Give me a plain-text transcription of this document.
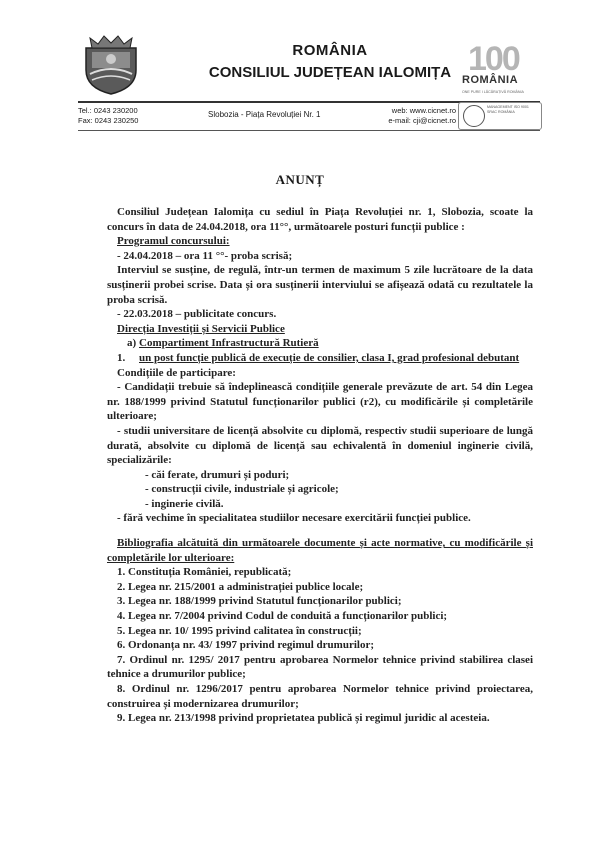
ROMÂNIA
CONSILIUL JUDEȚEAN IALOMIȚA 100
ROMÂNIA
ONE PURE I LĂCĂRAȚIVĂ ROMÂNIA
Tel.: 0243 230200
Fax: 0243 230250
Slobozia - Piața Revoluției Nr. 1	web: www.cicnet.ro
e-mail: cji@cicnet.ro
MANAGEMENT ISO 9001 SRAC ROMÂNIA
ANUNȚ

Consiliul Județean Ialomița cu sediul în Piața Revoluției nr. 1, Slobozia, scoate la concurs în data de 24.04.2018, ora 11°°, următoarele posturi funcții publice :

Programul concursului:

- 24.04.2018 – ora 11 °°- proba scrisă;

Interviul se susține, de regulă, într-un termen de maximum 5 zile lucrătoare de la data susținerii probei scrise. Data și ora susținerii interviului se afișează odată cu rezultatele la proba scrisă.

- 22.03.2018 – publicitate concurs.

Direcția Investiții și Servicii Publice

a) Compartiment Infrastructură Rutieră

1.	un post funcție publică de execuție de consilier, clasa I, grad profesional debutant

Condițiile de participare:

- Candidații trebuie să îndeplinească condițiile generale prevăzute de art. 54 din Legea nr. 188/1999 privind Statutul funcționarilor publici (r2), cu modificările și completările ulterioare;

- studii universitare de licență absolvite cu diplomă, respectiv studii superioare de lungă durată, absolvite cu diplomă de licență sau echivalentă în domeniul inginerie civilă, specializările:

- căi ferate, drumuri și poduri;

- construcții civile, industriale și agricole;

- inginerie civilă.

- fără vechime în specialitatea studiilor necesare exercitării funcției publice.

Bibliografia alcătuită din următoarele documente și acte normative, cu modificările și completările lor ulterioare:

1. Constituția României, republicată;

2. Legea nr. 215/2001 a administrației publice locale;

3. Legea nr. 188/1999 privind Statutul funcționarilor publici;

4. Legea nr. 7/2004 privind Codul de conduită a funcționarilor publici;

5. Legea nr. 10/ 1995 privind calitatea în construcții;

6. Ordonanța nr. 43/ 1997 privind regimul drumurilor;

7. Ordinul nr. 1295/ 2017 pentru aprobarea Normelor tehnice privind stabilirea clasei tehnice a drumurilor publice;

8. Ordinul nr. 1296/2017 pentru aprobarea Normelor tehnice privind proiectarea, construirea și modernizarea drumurilor;

9. Legea nr. 213/1998 privind proprietatea publică și regimul juridic al acesteia.
